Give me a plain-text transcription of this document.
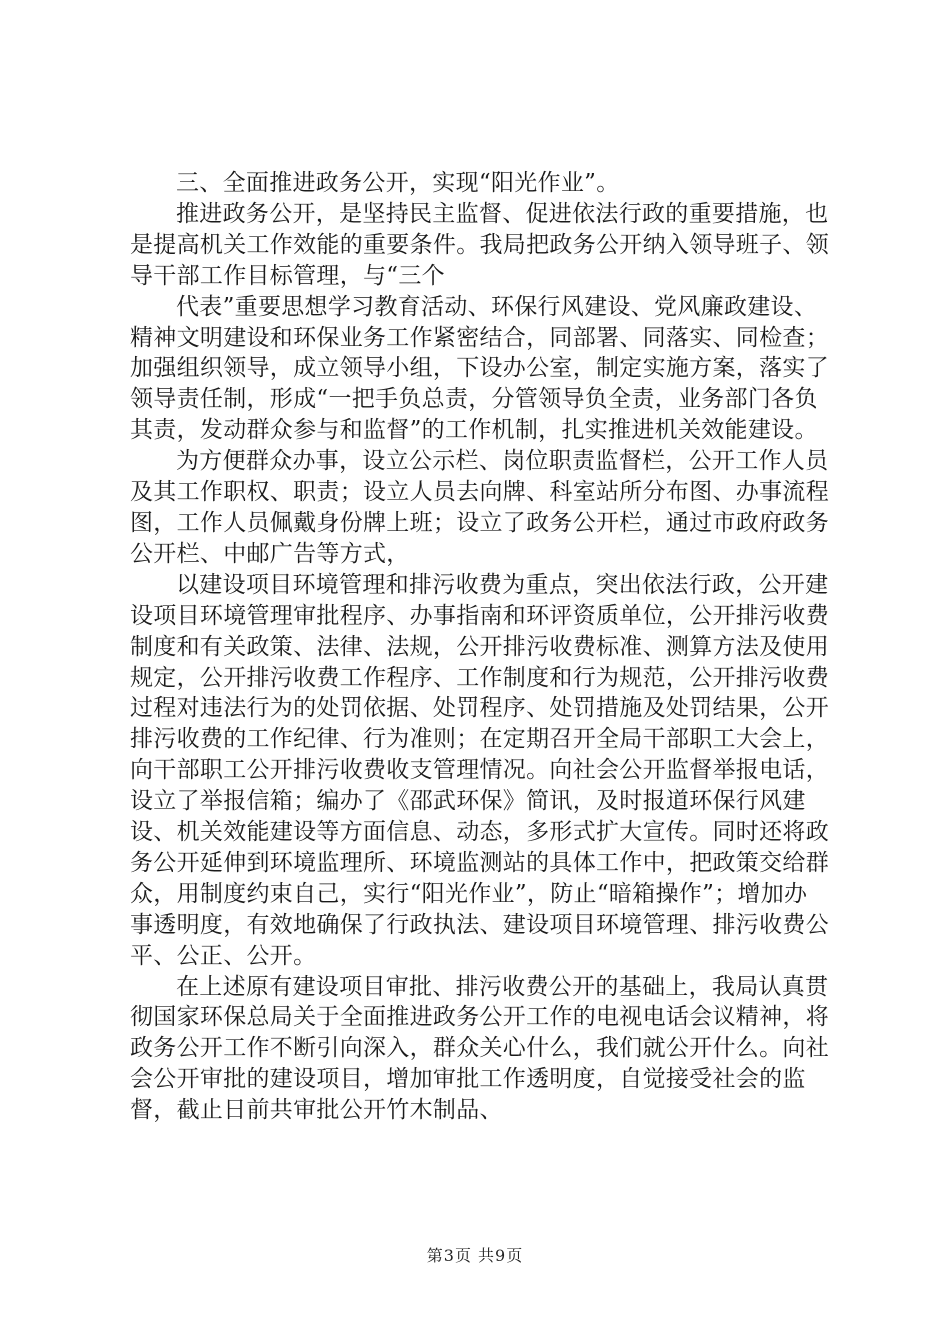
三、全面推进政务公开，实现“阳光作业”。

推进政务公开，是坚持民主监督、促进依法行政的重要措施，也是提高机关工作效能的重要条件。我局把政务公开纳入领导班子、领导干部工作目标管理，与“三个

代表”重要思想学习教育活动、环保行风建设、党风廉政建设、精神文明建设和环保业务工作紧密结合，同部署、同落实、同检查；加强组织领导，成立领导小组，下设办公室，制定实施方案，落实了领导责任制，形成“一把手负总责，分管领导负全责，业务部门各负其责，发动群众参与和监督”的工作机制，扎实推进机关效能建设。

为方便群众办事，设立公示栏、岗位职责监督栏，公开工作人员及其工作职权、职责；设立人员去向牌、科室站所分布图、办事流程图，工作人员佩戴身份牌上班；设立了政务公开栏，通过市政府政务公开栏、中邮广告等方式，

以建设项目环境管理和排污收费为重点，突出依法行政，公开建设项目环境管理审批程序、办事指南和环评资质单位，公开排污收费制度和有关政策、法律、法规，公开排污收费标准、测算方法及使用规定，公开排污收费工作程序、工作制度和行为规范，公开排污收费过程对违法行为的处罚依据、处罚程序、处罚措施及处罚结果，公开排污收费的工作纪律、行为准则；在定期召开全局干部职工大会上，向干部职工公开排污收费收支管理情况。向社会公开监督举报电话，设立了举报信箱；编办了《邵武环保》简讯，及时报道环保行风建设、机关效能建设等方面信息、动态，多形式扩大宣传。同时还将政务公开延伸到环境监理所、环境监测站的具体工作中，把政策交给群众，用制度约束自己，实行“阳光作业”，防止“暗箱操作”；增加办事透明度，有效地确保了行政执法、建设项目环境管理、排污收费公平、公正、公开。

在上述原有建设项目审批、排污收费公开的基础上，我局认真贯彻国家环保总局关于全面推进政务公开工作的电视电话会议精神，将政务公开工作不断引向深入，群众关心什么，我们就公开什么。向社会公开审批的建设项目，增加审批工作透明度，自觉接受社会的监督，截止日前共审批公开竹木制品、

第3页 共9页
